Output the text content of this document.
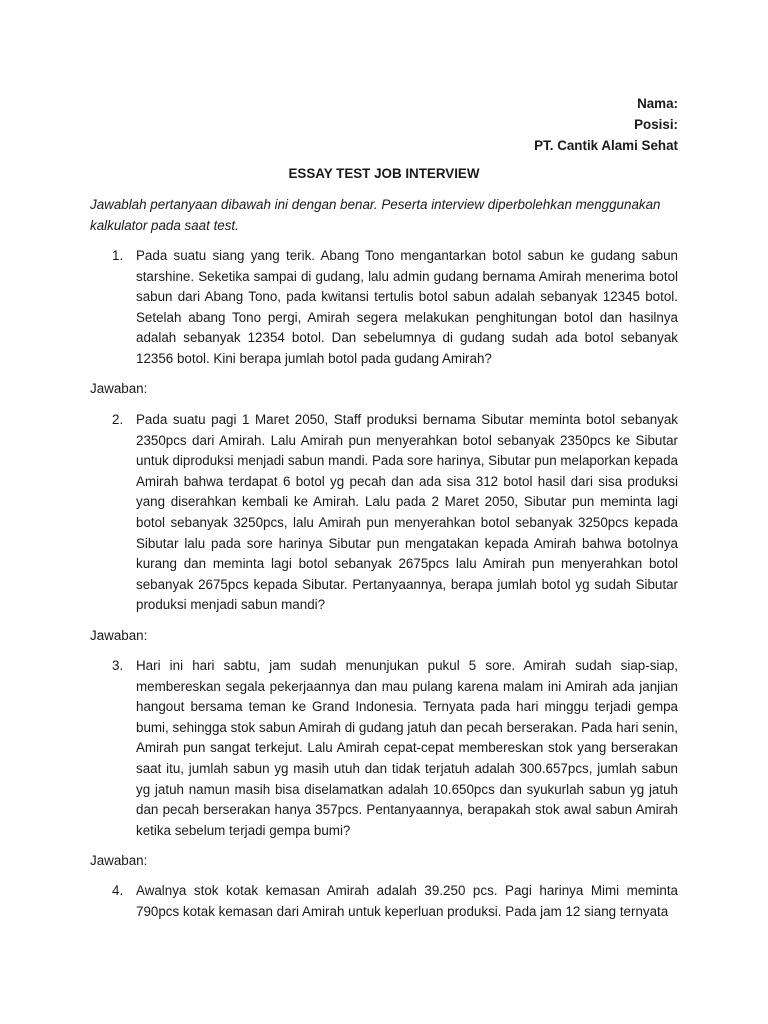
Nama:
Posisi:
PT. Cantik Alami Sehat
ESSAY TEST JOB INTERVIEW
Jawablah pertanyaan dibawah ini dengan benar. Peserta interview diperbolehkan menggunakan kalkulator pada saat test.
1. Pada suatu siang yang terik. Abang Tono mengantarkan botol sabun ke gudang sabun starshine. Seketika sampai di gudang, lalu admin gudang bernama Amirah menerima botol sabun dari Abang Tono, pada kwitansi tertulis botol sabun adalah sebanyak 12345 botol. Setelah abang Tono pergi, Amirah segera melakukan penghitungan botol dan hasilnya adalah sebanyak 12354 botol. Dan sebelumnya di gudang sudah ada botol sebanyak 12356 botol. Kini berapa jumlah botol pada gudang Amirah?
Jawaban:
2. Pada suatu pagi 1 Maret 2050, Staff produksi bernama Sibutar meminta botol sebanyak 2350pcs dari Amirah. Lalu Amirah pun menyerahkan botol sebanyak 2350pcs ke Sibutar untuk diproduksi menjadi sabun mandi. Pada sore harinya, Sibutar pun melaporkan kepada Amirah bahwa terdapat 6 botol yg pecah dan ada sisa 312 botol hasil dari sisa produksi yang diserahkan kembali ke Amirah. Lalu pada 2 Maret 2050, Sibutar pun meminta lagi botol sebanyak 3250pcs, lalu Amirah pun menyerahkan botol sebanyak 3250pcs kepada Sibutar lalu pada sore harinya Sibutar pun mengatakan kepada Amirah bahwa botolnya kurang dan meminta lagi botol sebanyak 2675pcs lalu Amirah pun menyerahkan botol sebanyak 2675pcs kepada Sibutar. Pertanyaannya, berapa jumlah botol yg sudah Sibutar produksi menjadi sabun mandi?
Jawaban:
3. Hari ini hari sabtu, jam sudah menunjukan pukul 5 sore. Amirah sudah siap-siap, membereskan segala pekerjaannya dan mau pulang karena malam ini Amirah ada janjian hangout bersama teman ke Grand Indonesia. Ternyata pada hari minggu terjadi gempa bumi, sehingga stok sabun Amirah di gudang jatuh dan pecah berserakan. Pada hari senin, Amirah pun sangat terkejut. Lalu Amirah cepat-cepat membereskan stok yang berserakan saat itu, jumlah sabun yg masih utuh dan tidak terjatuh adalah 300.657pcs, jumlah sabun yg jatuh namun masih bisa diselamatkan adalah 10.650pcs dan syukurlah sabun yg jatuh dan pecah berserakan hanya 357pcs. Pentanyaannya, berapakah stok awal sabun Amirah ketika sebelum terjadi gempa bumi?
Jawaban:
4. Awalnya stok kotak kemasan Amirah adalah 39.250 pcs. Pagi harinya Mimi meminta 790pcs kotak kemasan dari Amirah untuk keperluan produksi. Pada jam 12 siang ternyata
